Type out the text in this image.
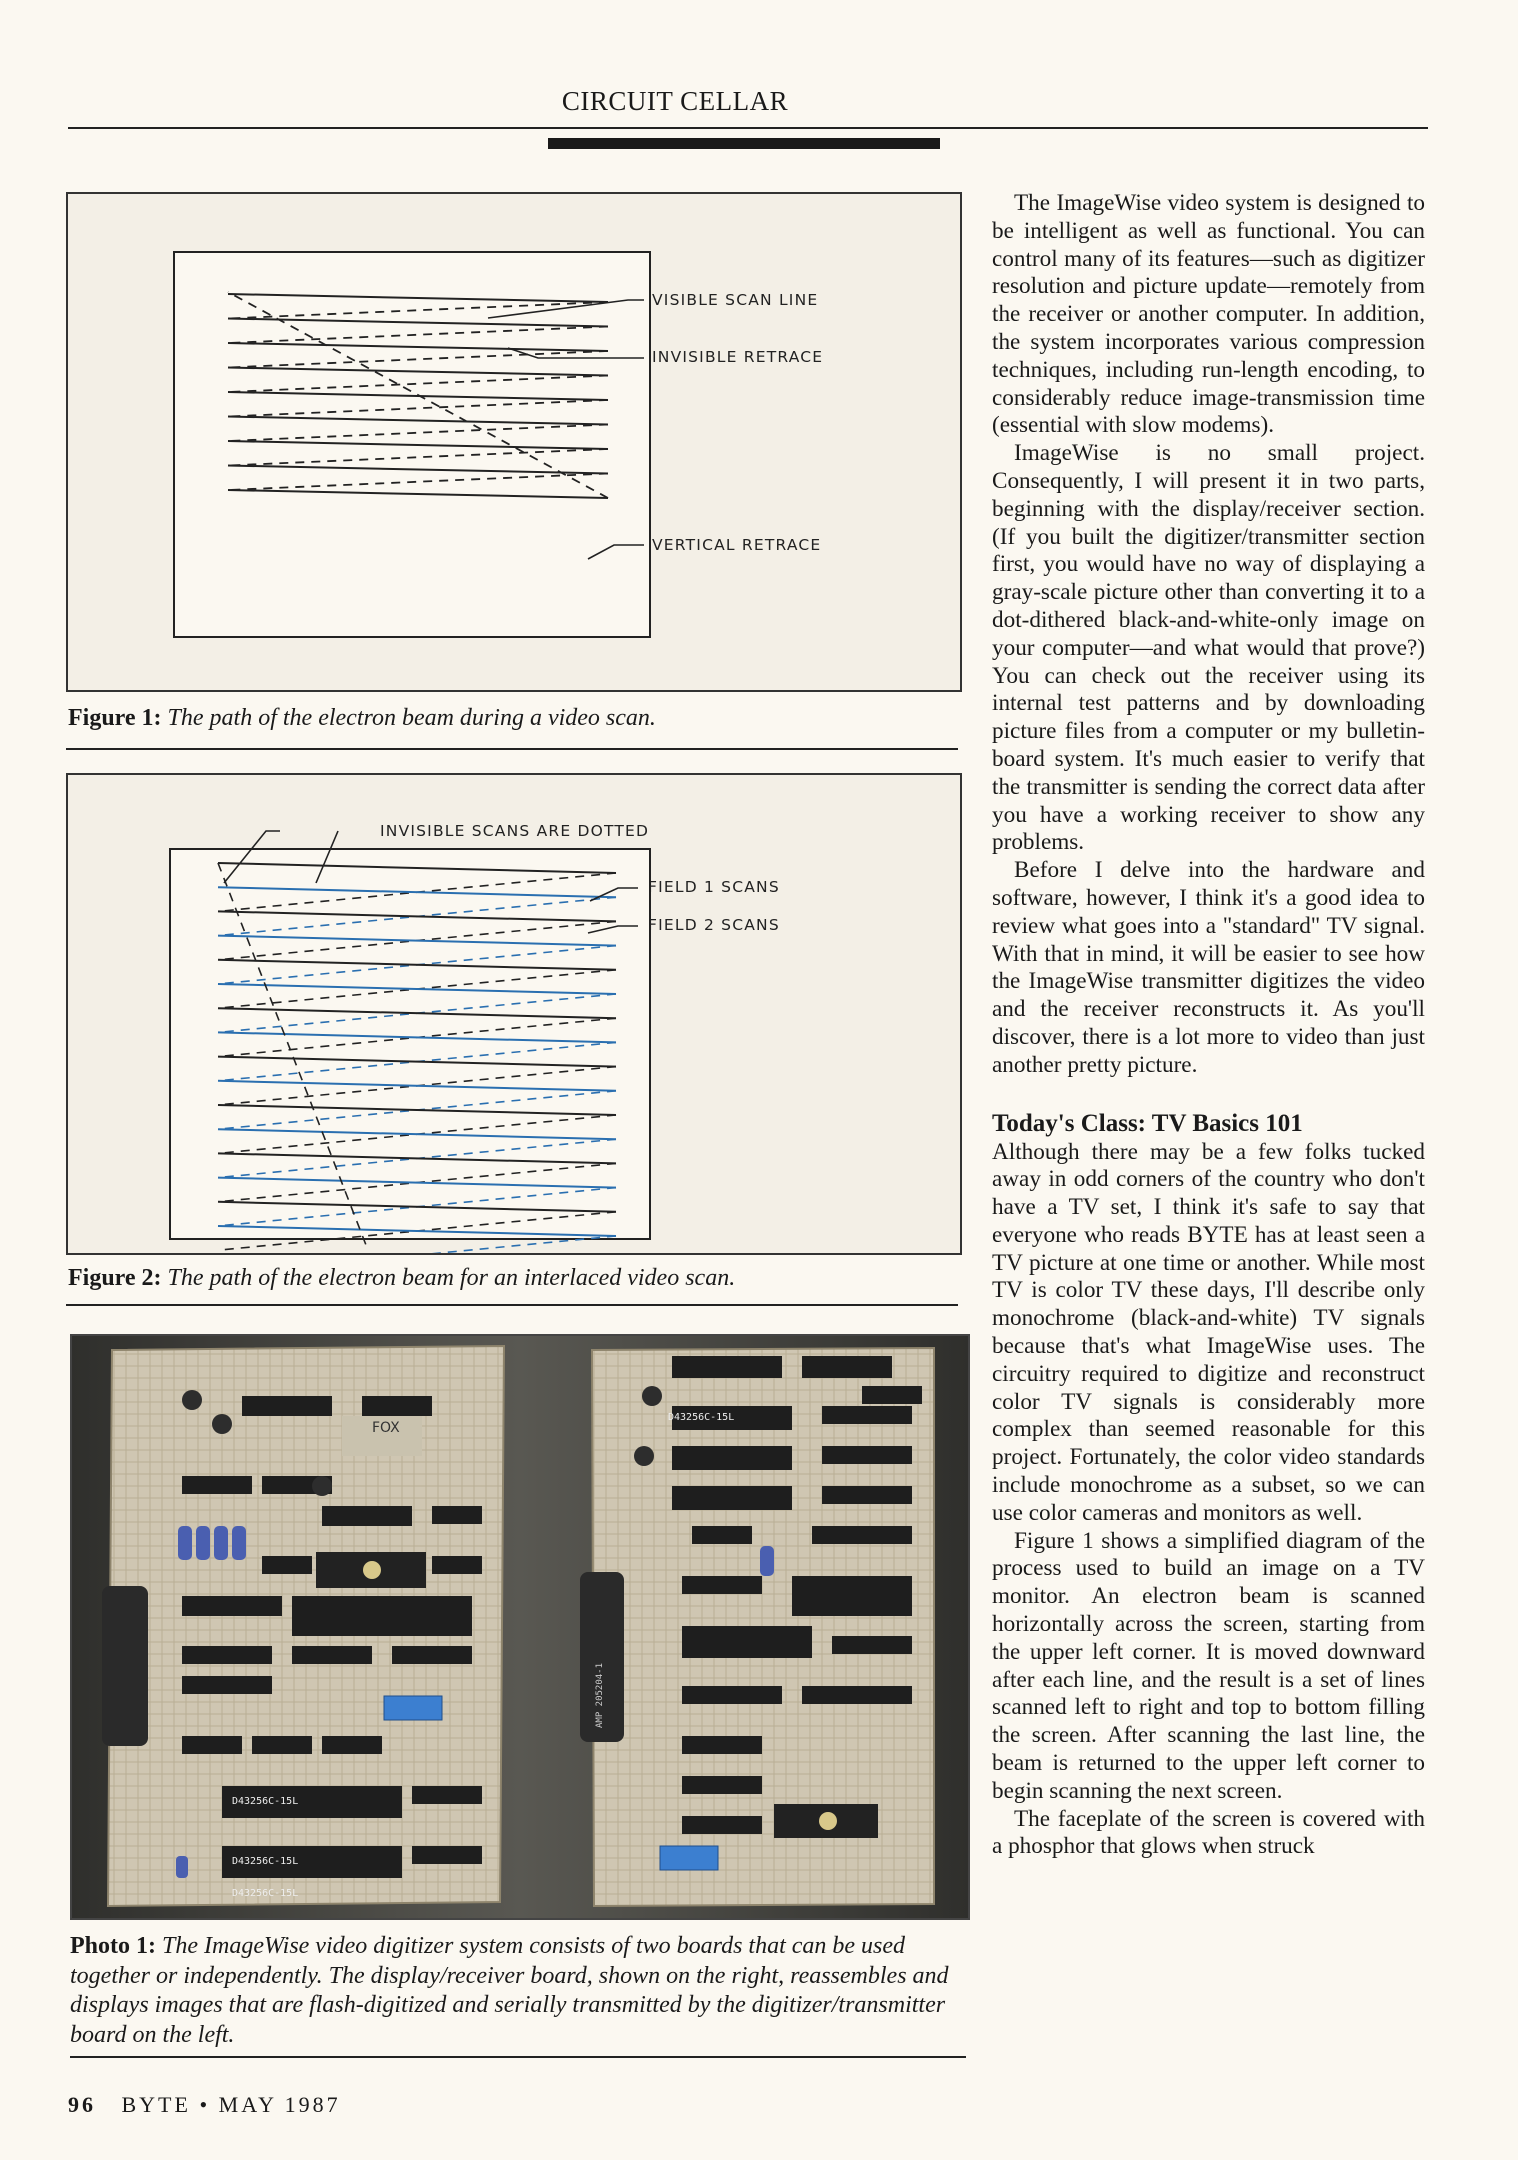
CIRCUIT CELLAR
VISIBLE SCAN LINE
INVISIBLE RETRACE
VERTICAL RETRACE
Figure 1: The path of the electron beam during a video scan.
INVISIBLE SCANS ARE DOTTED
FIELD 1 SCANS
FIELD 2 SCANS
Figure 2: The path of the electron beam for an interlaced video scan.
D43256C-15L
D43256C-15L
D43256C-15L
FOX
D43256C-15L
AMP 205204-1
Photo 1: The ImageWise video digitizer system consists of two boards that can be used together or independently. The display/receiver board, shown on the right, reassembles and displays images that are flash-digitized and serially transmitted by the digitizer/transmitter board on the left.

The ImageWise video system is designed to be intelligent as well as functional. You can control many of its features—such as digitizer resolution and picture update—remotely from the receiver or another computer. In addition, the system incorporates various compression techniques, including run-length encoding, to considerably reduce image-transmission time (essential with slow modems).

ImageWise is no small project. Consequently, I will present it in two parts, beginning with the display/receiver section. (If you built the digitizer/transmitter section first, you would have no way of displaying a gray-scale picture other than converting it to a dot-dithered black-and-white-only image on your computer—and what would that prove?) You can check out the receiver using its internal test patterns and by downloading picture files from a computer or my bulletin-board system. It's much easier to verify that the transmitter is sending the correct data after you have a working receiver to show any problems.

Before I delve into the hardware and software, however, I think it's a good idea to review what goes into a "standard" TV signal. With that in mind, it will be easier to see how the ImageWise transmitter digitizes the video and the receiver reconstructs it. As you'll discover, there is a lot more to video than just another pretty picture.

Today's Class: TV Basics 101

Although there may be a few folks tucked away in odd corners of the country who don't have a TV set, I think it's safe to say that everyone who reads BYTE has at least seen a TV picture at one time or another. While most TV is color TV these days, I'll describe only monochrome (black-and-white) TV signals because that's what ImageWise uses. The circuitry required to digitize and reconstruct color TV signals is considerably more complex than seemed reasonable for this project. Fortunately, the color video standards include monochrome as a subset, so we can use color cameras and monitors as well.

Figure 1 shows a simplified diagram of the process used to build an image on a TV monitor. An electron beam is scanned horizontally across the screen, starting from the upper left corner. It is moved downward after each line, and the result is a set of lines scanned left to right and top to bottom filling the screen. After scanning the last line, the beam is returned to the upper left corner to begin scanning the next screen.

The faceplate of the screen is covered with a phosphor that glows when struck

96 BYTE • MAY 1987
